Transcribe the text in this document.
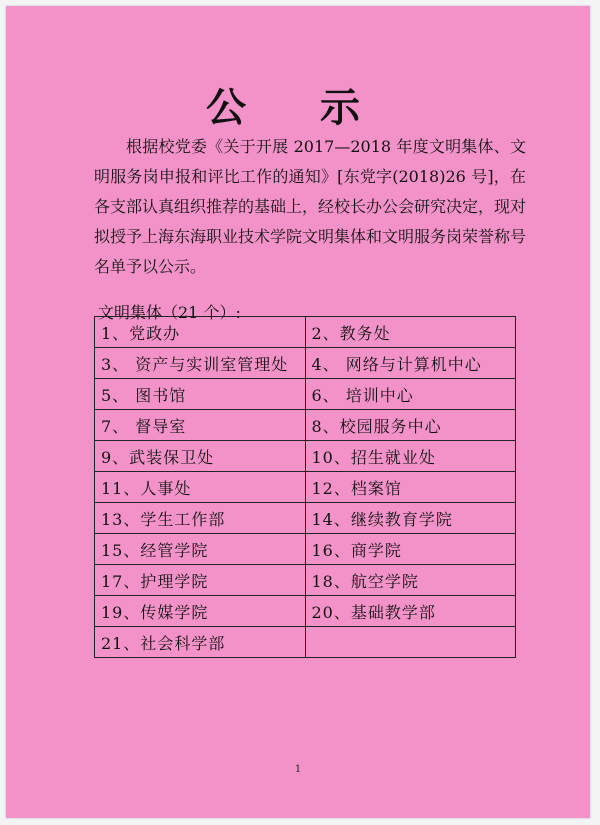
公 示
根据校党委《关于开展 2017—2018 年度文明集体、文明服务岗申报和评比工作的通知》[东党字(2018)26 号]，在各支部认真组织推荐的基础上，经校长办公会研究决定，现对拟授予上海东海职业技术学院文明集体和文明服务岗荣誉称号名单予以公示。
文明集体（21 个）:
1、党政办	2、教务处
3、 资产与实训室管理处	4、 网络与计算机中心
5、 图书馆	6、 培训中心
7、 督导室	8、校园服务中心
9、武装保卫处	10、招生就业处
11、人事处	12、档案馆
13、学生工作部	14、继续教育学院
15、经管学院	16、商学院
17、护理学院	18、航空学院
19、传媒学院	20、基础教学部
21、社会科学部	
1
